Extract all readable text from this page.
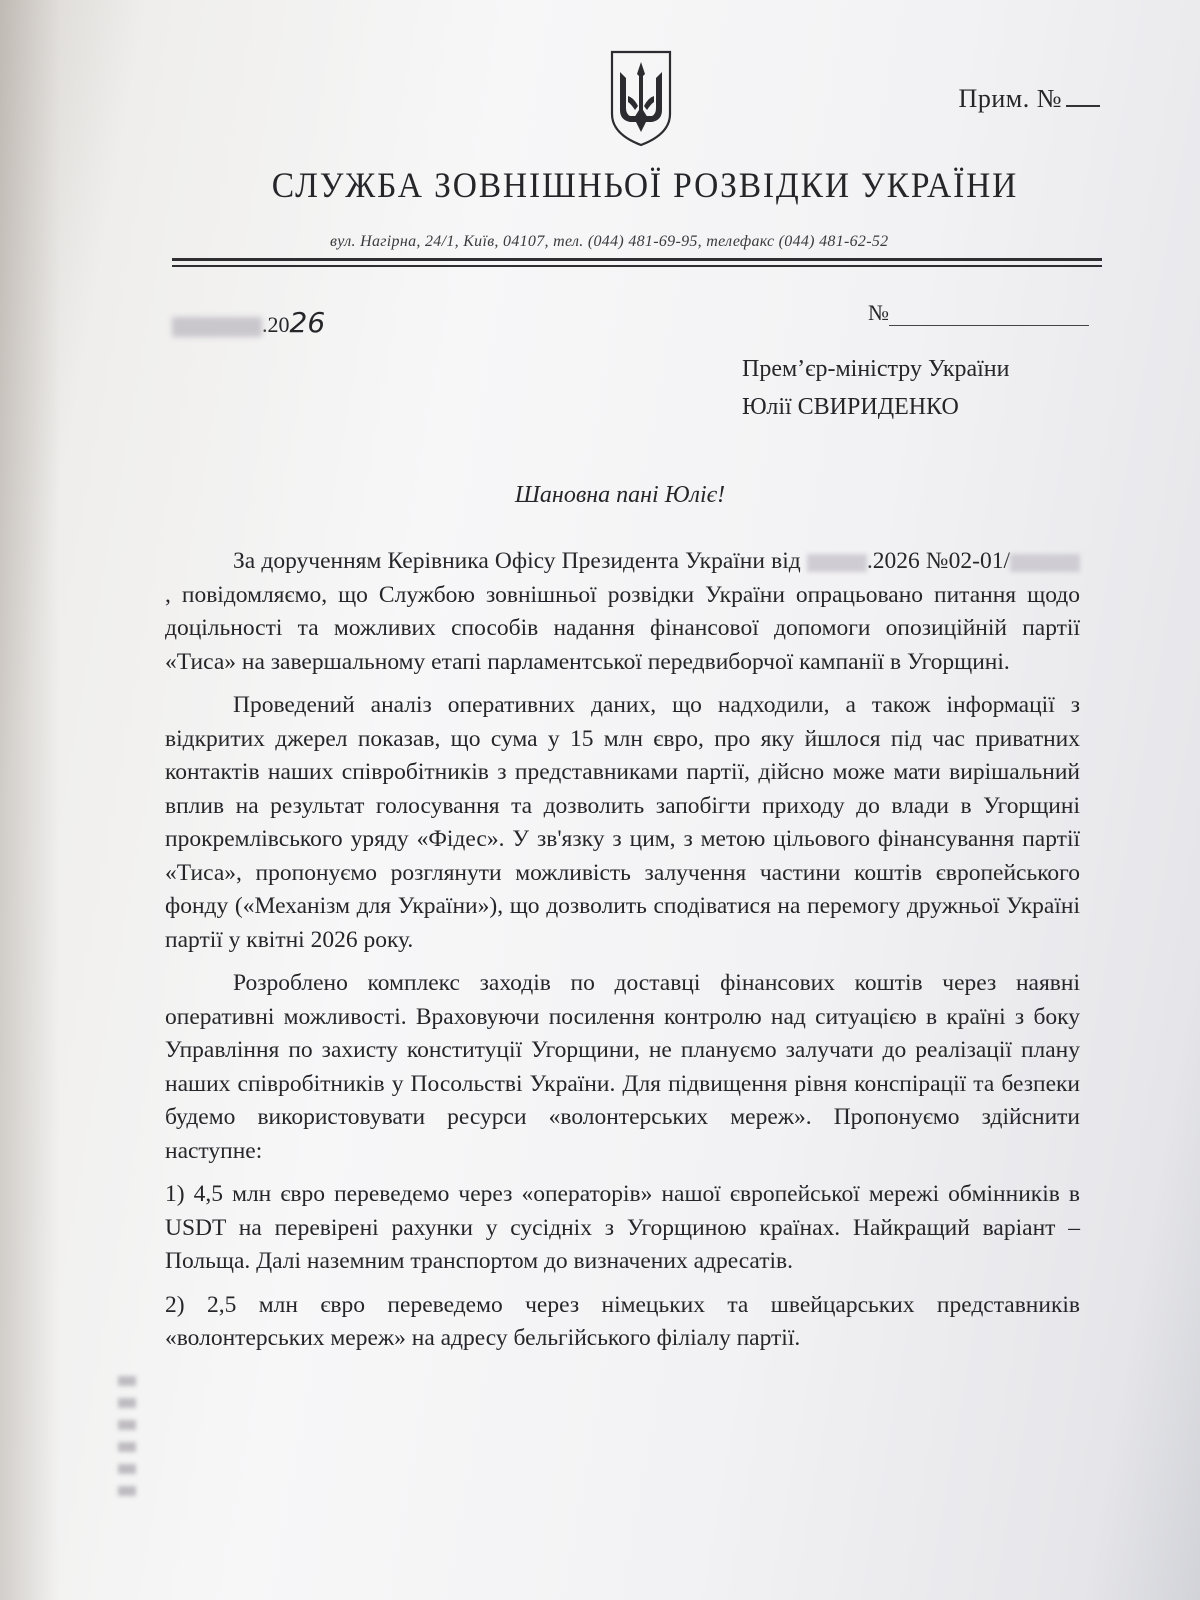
Прим. №
СЛУЖБА ЗОВНІШНЬОЇ РОЗВІДКИ УКРАЇНИ
вул. Нагірна, 24/1, Київ, 04107, тел. (044) 481-69-95, телефакс (044) 481-62-52
.2026	№
Прем’єр-міністру України
Юлії СВИРИДЕНКО
Шановна пані Юліє!

За дорученням Керівника Офісу Президента України від	.2026 №02-01/, повідомляємо, що Службою зовнішньої розвідки України опрацьовано питання щодо доцільності та можливих способів надання фінансової допомоги опозиційній партії «Тиса» на завершальному етапі парламентської передвиборчої кампанії в Угорщині.

Проведений аналіз оперативних даних, що надходили, а також інформації з відкритих джерел показав, що сума у 15 млн євро, про яку йшлося під час приватних контактів наших співробітників з представниками партії, дійсно може мати вирішальний вплив на результат голосування та дозволить запобігти приходу до влади в Угорщині прокремлівського уряду «Фідес». У зв'язку з цим, з метою цільового фінансування партії «Тиса», пропонуємо розглянути можливість залучення частини коштів європейського фонду («Механізм для України»), що дозволить сподіватися на перемогу дружньої Україні партії у квітні 2026 року.

Розроблено комплекс заходів по доставці фінансових коштів через наявні оперативні можливості. Враховуючи посилення контролю над ситуацією в країні з боку Управління по захисту конституції Угорщини, не плануємо залучати до реалізації плану наших співробітників у Посольстві України. Для підвищення рівня конспірації та безпеки будемо використовувати ресурси «волонтерських мереж». Пропонуємо здійснити наступне:

1) 4,5 млн євро переведемо через «операторів» нашої європейської мережі обмінників в USDT на перевірені рахунки у сусідніх з Угорщиною країнах. Найкращий варіант – Польща. Далі наземним транспортом до визначених адресатів.

2) 2,5 млн євро переведемо через німецьких та швейцарських представників «волонтерських мереж» на адресу бельгійського філіалу партії.
